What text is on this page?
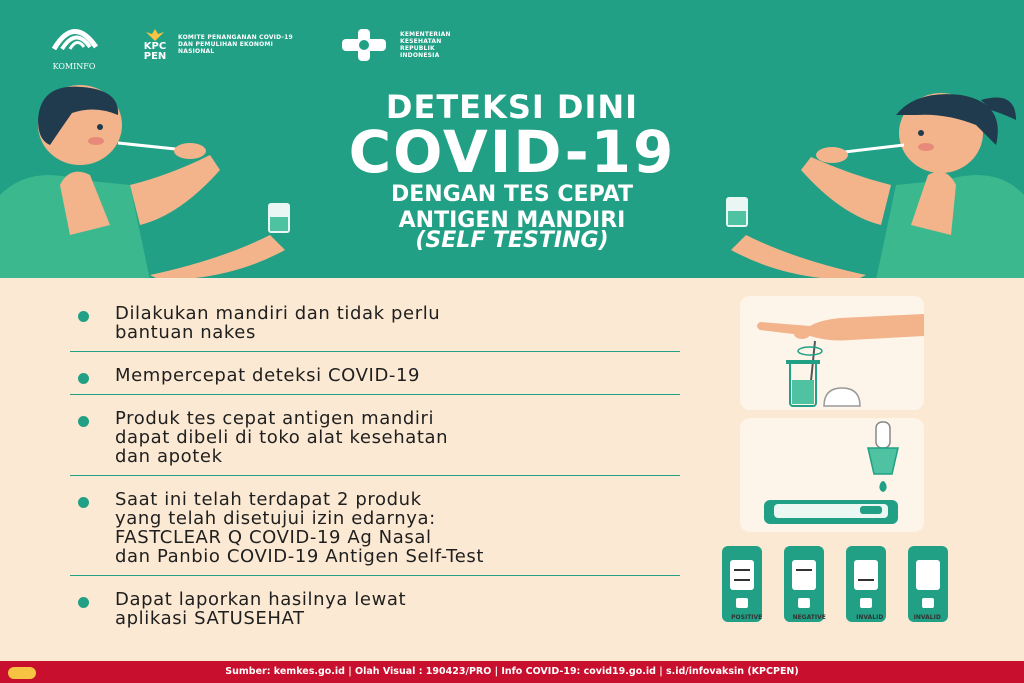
KOMINFO
KPC PEN
KOMITE PENANGANAN COVID-19 DAN PEMULIHAN EKONOMI NASIONAL
KEMENTERIAN KESEHATAN REPUBLIK INDONESIA
DETEKSI DINI
COVID-19
DENGAN TES CEPAT
ANTIGEN MANDIRI
(SELF TESTING)
Dilakukan mandiri dan tidak perlu
bantuan nakes
Mempercepat deteksi COVID-19
Produk tes cepat antigen mandiri
dapat dibeli di toko alat kesehatan
dan apotek
Saat ini telah terdapat 2 produk
yang telah disetujui izin edarnya:
FASTCLEAR Q COVID-19 Ag Nasal
dan Panbio COVID-19 Antigen Self-Test
Dapat laporkan hasilnya lewat
aplikasi SATUSEHAT	POSITIVE	NEGATIVE	INVALID	INVALID
Sumber: kemkes.go.id | Olah Visual : 190423/PRO | Info COVID-19: covid19.go.id | s.id/infovaksin (KPCPEN)
